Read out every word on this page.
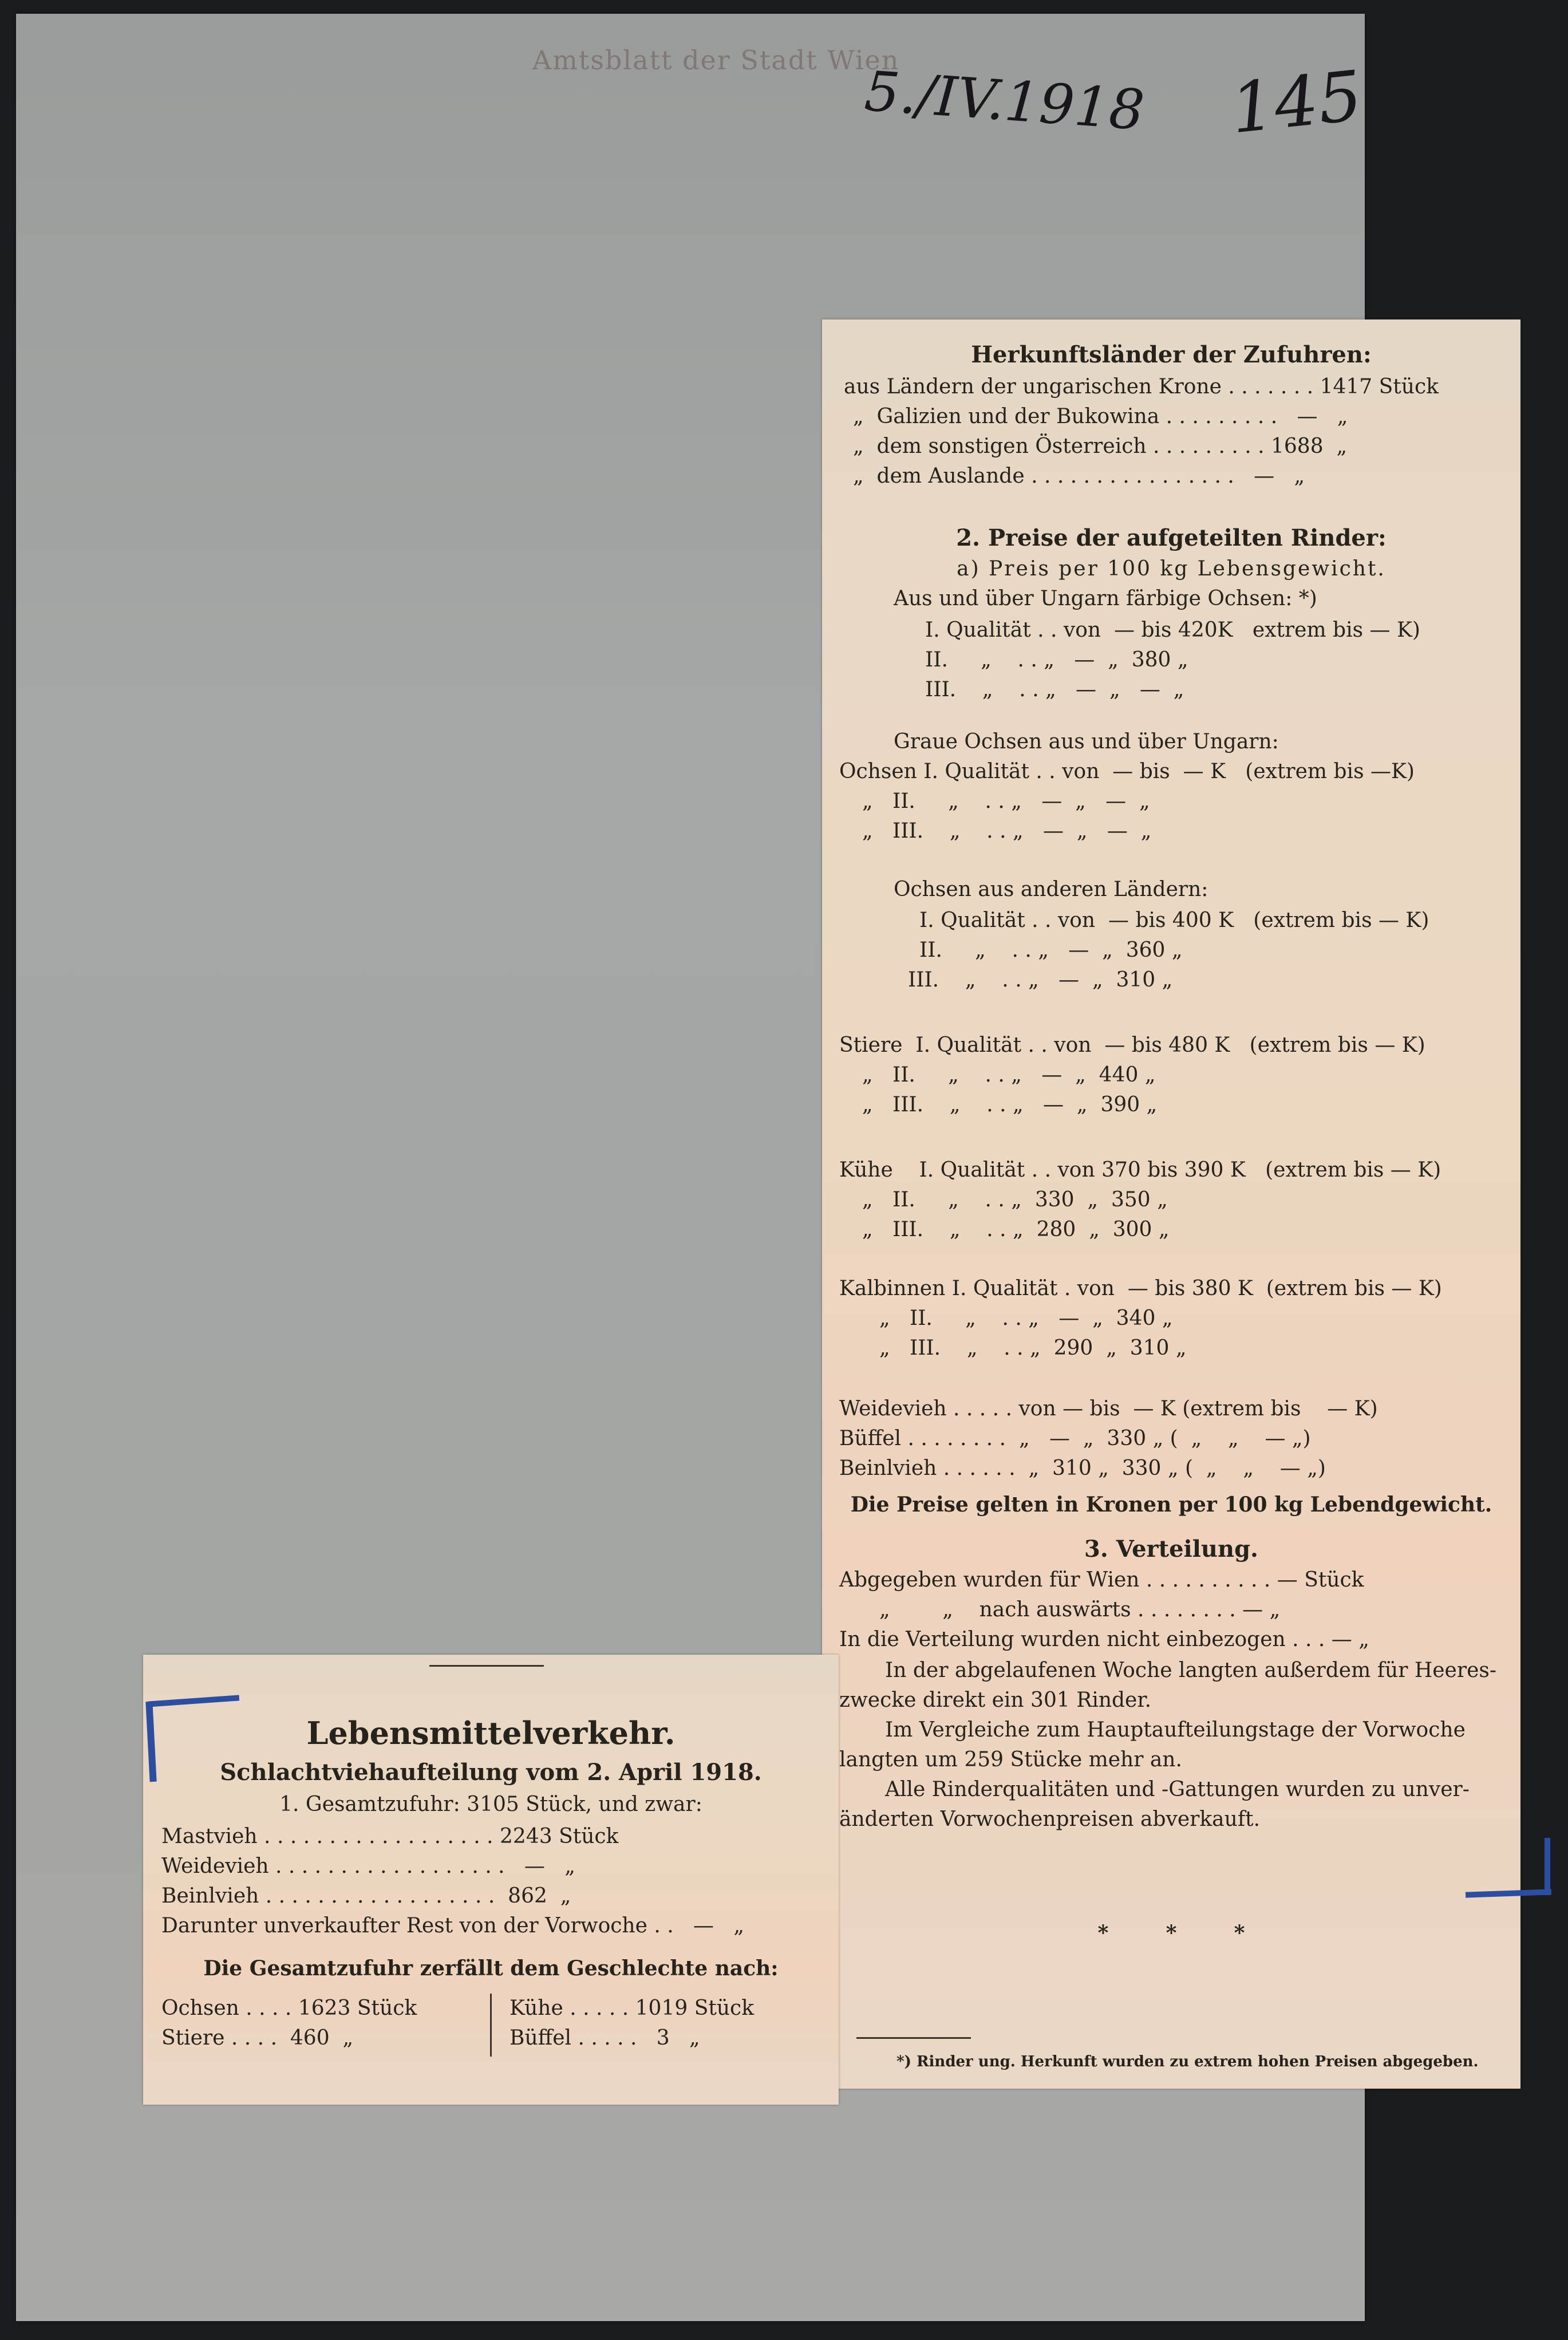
Amtsblatt der Stadt Wien
5./IV.1918 145
Herkunftsländer der Zufuhren:
aus Ländern der ungarischen Krone . . . . . . . 1417 Stück
„  Galizien und der Bukowina . . . . . . . . .   —   „
„  dem sonstigen Österreich . . . . . . . . . 1688  „
„  dem Auslande . . . . . . . . . . . . . . . .   —   „
2. Preise der aufgeteilten Rinder:
a) Preis per 100 kg Lebensgewicht.
Aus und über Ungarn färbige Ochsen: *)
I. Qualität . . von  — bis 420K   extrem bis — K)
II.     „    . . „   —  „  380 „
III.    „    . . „   —  „   —  „
Graue Ochsen aus und über Ungarn:
Ochsen I. Qualität . . von  — bis  — K   (extrem bis —K)
„   II.     „    . . „   —  „   —  „
„   III.    „    . . „   —  „   —  „
Ochsen aus anderen Ländern:
I. Qualität . . von  — bis 400 K   (extrem bis — K)
II.     „    . . „   —  „  360 „
III.    „    . . „   —  „  310 „
Stiere  I. Qualität . . von  — bis 480 K   (extrem bis — K)
„   II.     „    . . „   —  „  440 „
„   III.    „    . . „   —  „  390 „
Kühe    I. Qualität . . von 370 bis 390 K   (extrem bis — K)
„   II.     „    . . „  330  „  350 „
„   III.    „    . . „  280  „  300 „
Kalbinnen I. Qualität . von  — bis 380 K  (extrem bis — K)
„   II.     „    . . „   —  „  340 „
„   III.    „    . . „  290  „  310 „
Weidevieh . . . . . von — bis  — K (extrem bis    — K)
Büffel . . . . . . . .  „   —  „  330 „ (  „    „    — „)
Beinlvieh . . . . . .  „  310 „  330 „ (  „    „    — „)
Die Preise gelten in Kronen per 100 kg Lebendgewicht.
3. Verteilung.
Abgegeben wurden für Wien . . . . . . . . . . — Stück
„        „    nach auswärts . . . . . . . . — „
In die Verteilung wurden nicht einbezogen . . . — „
In der abgelaufenen Woche langten außerdem für Heeres-
zwecke direkt ein 301 Rinder.
Im Vergleiche zum Hauptaufteilungstage der Vorwoche
langten um 259 Stücke mehr an.
Alle Rinderqualitäten und -Gattungen wurden zu unver-
änderten Vorwochenpreisen abverkauft.
*        *        *
*) Rinder ung. Herkunft wurden zu extrem hohen Preisen abgegeben.
Lebensmittelverkehr.
Schlachtviehaufteilung vom 2. April 1918.
1. Gesamtzufuhr: 3105 Stück, und zwar:
Mastvieh . . . . . . . . . . . . . . . . . . 2243 Stück
Weidevieh . . . . . . . . . . . . . . . . . .   —   „
Beinlvieh . . . . . . . . . . . . . . . . . .  862  „
Darunter unverkaufter Rest von der Vorwoche . .   —   „
Die Gesamtzufuhr zerfällt dem Geschlechte nach:
Ochsen . . . . 1623 Stück
Stiere . . . .  460  „
Kühe . . . . . 1019 Stück
Büffel . . . . .   3   „
